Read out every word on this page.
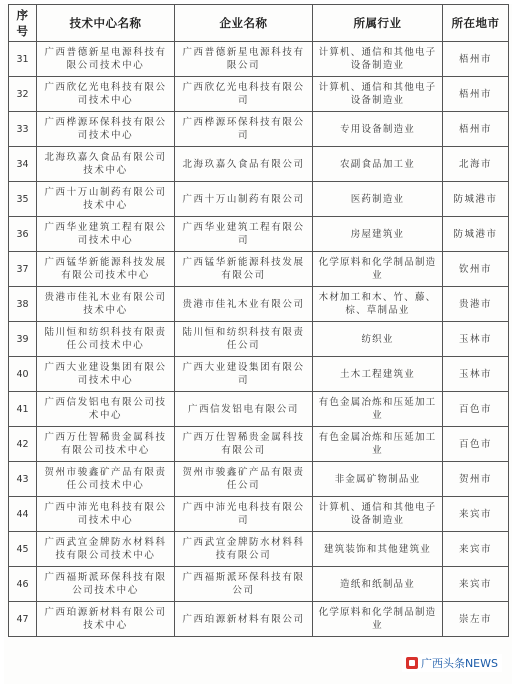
序号	技术中心名称	企业名称	所属行业	所在地市
31	广西普德新星电源科技有限公司技术中心	广西普德新星电源科技有限公司	计算机、通信和其他电子设备制造业	梧州市
32	广西欣亿光电科技有限公司技术中心	广西欣亿光电科技有限公司	计算机、通信和其他电子设备制造业	梧州市
33	广西桦源环保科技有限公司技术中心	广西桦源环保科技有限公司	专用设备制造业	梧州市
34	北海玖嘉久食品有限公司技术中心	北海玖嘉久食品有限公司	农副食品加工业	北海市
35	广西十万山制药有限公司技术中心	广西十万山制药有限公司	医药制造业	防城港市
36	广西华业建筑工程有限公司技术中心	广西华业建筑工程有限公司	房屋建筑业	防城港市
37	广西锰华新能源科技发展有限公司技术中心	广西锰华新能源科技发展有限公司	化学原料和化学制品制造业	钦州市
38	贵港市佳礼木业有限公司技术中心	贵港市佳礼木业有限公司	木材加工和木、竹、藤、棕、草制品业	贵港市
39	陆川恒和纺织科技有限责任公司技术中心	陆川恒和纺织科技有限责任公司	纺织业	玉林市
40	广西大业建设集团有限公司技术中心	广西大业建设集团有限公司	土木工程建筑业	玉林市
41	广西信发铝电有限公司技术中心	广西信发铝电有限公司	有色金属冶炼和压延加工业	百色市
42	广西万仕智稀贵金属科技有限公司技术中心	广西万仕智稀贵金属科技有限公司	有色金属冶炼和压延加工业	百色市
43	贺州市骏鑫矿产品有限责任公司技术中心	贺州市骏鑫矿产品有限责任公司	非金属矿物制品业	贺州市
44	广西中沛光电科技有限公司技术中心	广西中沛光电科技有限公司	计算机、通信和其他电子设备制造业	来宾市
45	广西武宣金牌防水材料科技有限公司技术中心	广西武宣金牌防水材料科技有限公司	建筑装饰和其他建筑业	来宾市
46	广西福斯派环保科技有限公司技术中心	广西福斯派环保科技有限公司	造纸和纸制品业	来宾市
47	广西珀源新材料有限公司技术中心	广西珀源新材料有限公司	化学原料和化学制品制造业	崇左市
广西头条NEWS
